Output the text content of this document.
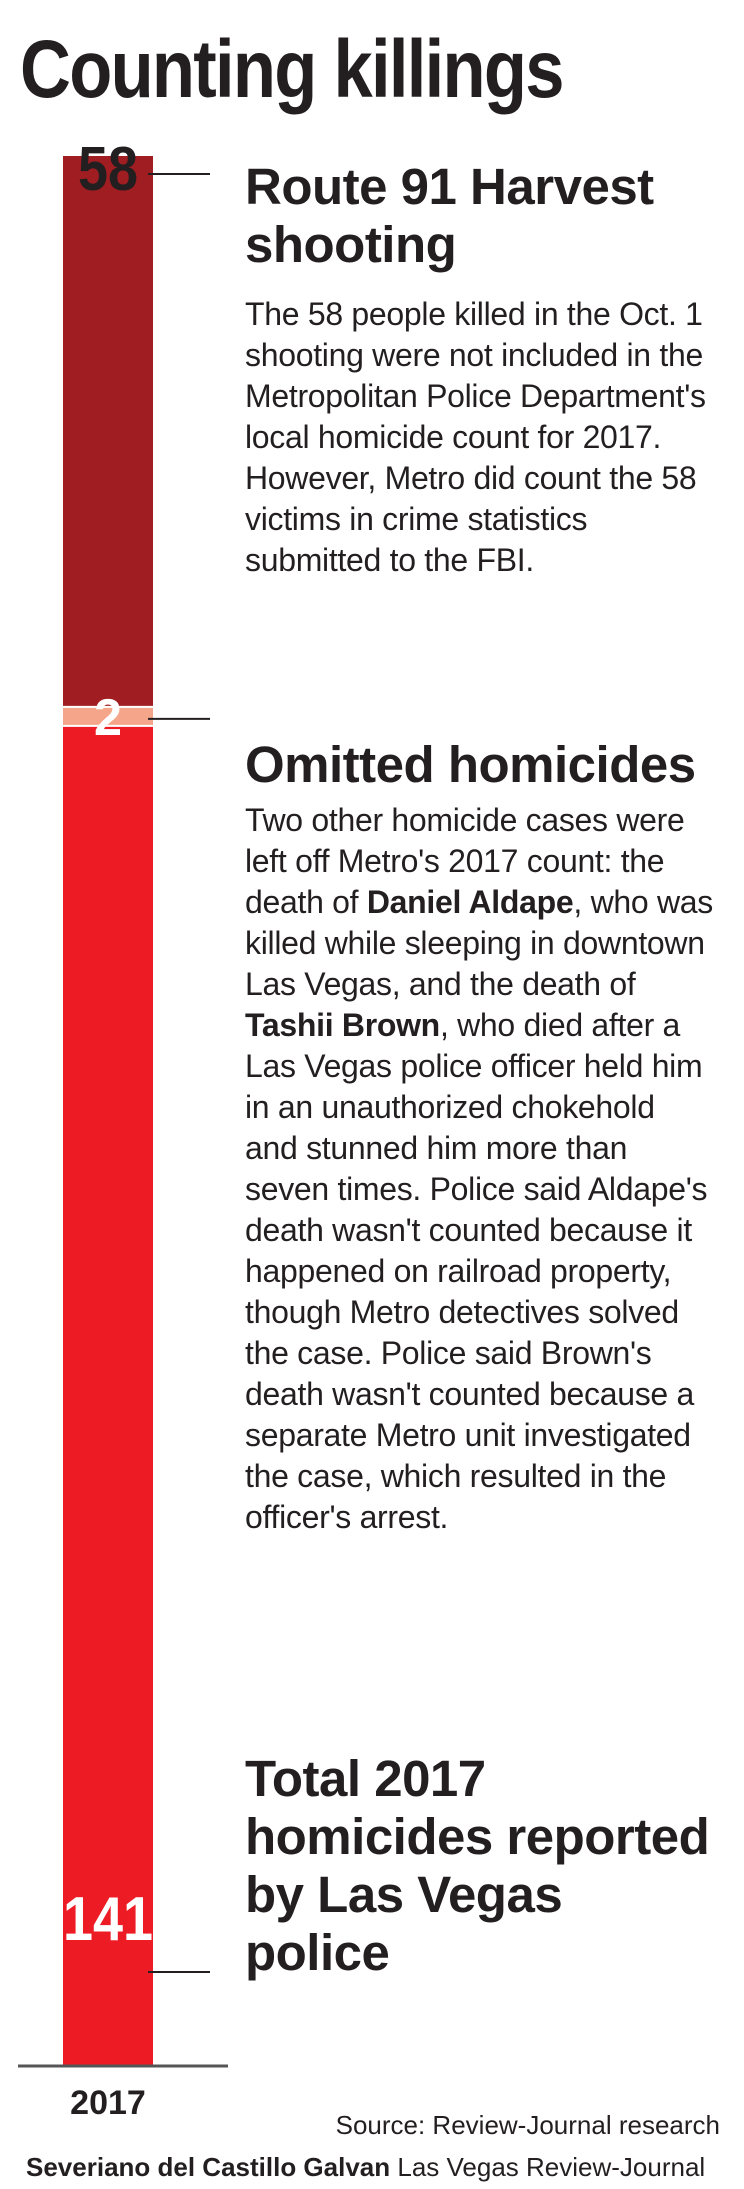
Counting killings
141
2
58
2017
Route 91 Harvest shooting

The 58 people killed in the Oct. 1 shooting were not included in the Metropolitan Police Department's local homicide count for 2017. However, Metro did count the 58 victims in crime statistics submitted to the FBI.

Omitted homicides

Two other homicide cases were left off Metro's 2017 count: the death of Daniel Aldape, who was killed while sleeping in downtown Las Vegas, and the death of Tashii Brown, who died after a Las Vegas police officer held him in an unauthorized chokehold and stunned him more than seven times. Police said Aldape's death wasn't counted because it happened on railroad property, though Metro detectives solved the case. Police said Brown's death wasn't counted because a separate Metro unit investigated the case, which resulted in the officer's arrest.

Total 2017 homicides reported by Las Vegas police

Source: Review-Journal research

Severiano del Castillo Galvan Las Vegas Review-Journal
